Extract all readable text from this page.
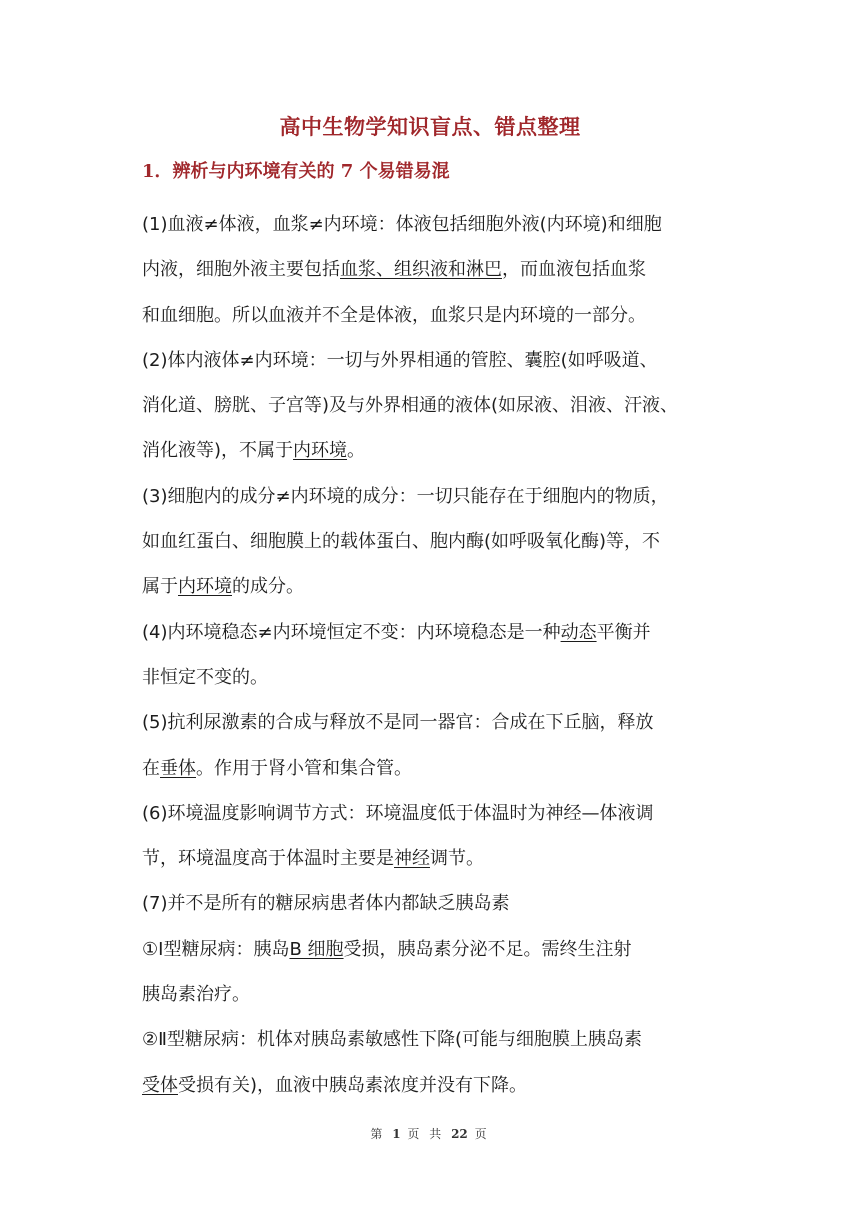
高中生物学知识盲点、错点整理
1．辨析与内环境有关的 7 个易错易混

(1)血液≠体液，血浆≠内环境：体液包括细胞外液(内环境)和细胞

内液，细胞外液主要包括血浆、组织液和淋巴，而血液包括血浆

和血细胞。所以血液并不全是体液，血浆只是内环境的一部分。

(2)体内液体≠内环境：一切与外界相通的管腔、囊腔(如呼吸道、

消化道、膀胱、子宫等)及与外界相通的液体(如尿液、泪液、汗液、

消化液等)，不属于内环境。

(3)细胞内的成分≠内环境的成分：一切只能存在于细胞内的物质，

如血红蛋白、细胞膜上的载体蛋白、胞内酶(如呼吸氧化酶)等，不

属于内环境的成分。

(4)内环境稳态≠内环境恒定不变：内环境稳态是一种动态平衡并

非恒定不变的。

(5)抗利尿激素的合成与释放不是同一器官：合成在下丘脑，释放

在垂体。作用于肾小管和集合管。

(6)环境温度影响调节方式：环境温度低于体温时为神经—体液调

节，环境温度高于体温时主要是神经调节。

(7)并不是所有的糖尿病患者体内都缺乏胰岛素

①Ⅰ型糖尿病：胰岛B 细胞受损，胰岛素分泌不足。需终生注射

胰岛素治疗。

②Ⅱ型糖尿病：机体对胰岛素敏感性下降(可能与细胞膜上胰岛素

受体受损有关)，血液中胰岛素浓度并没有下降。

第 1 页 共 22 页
